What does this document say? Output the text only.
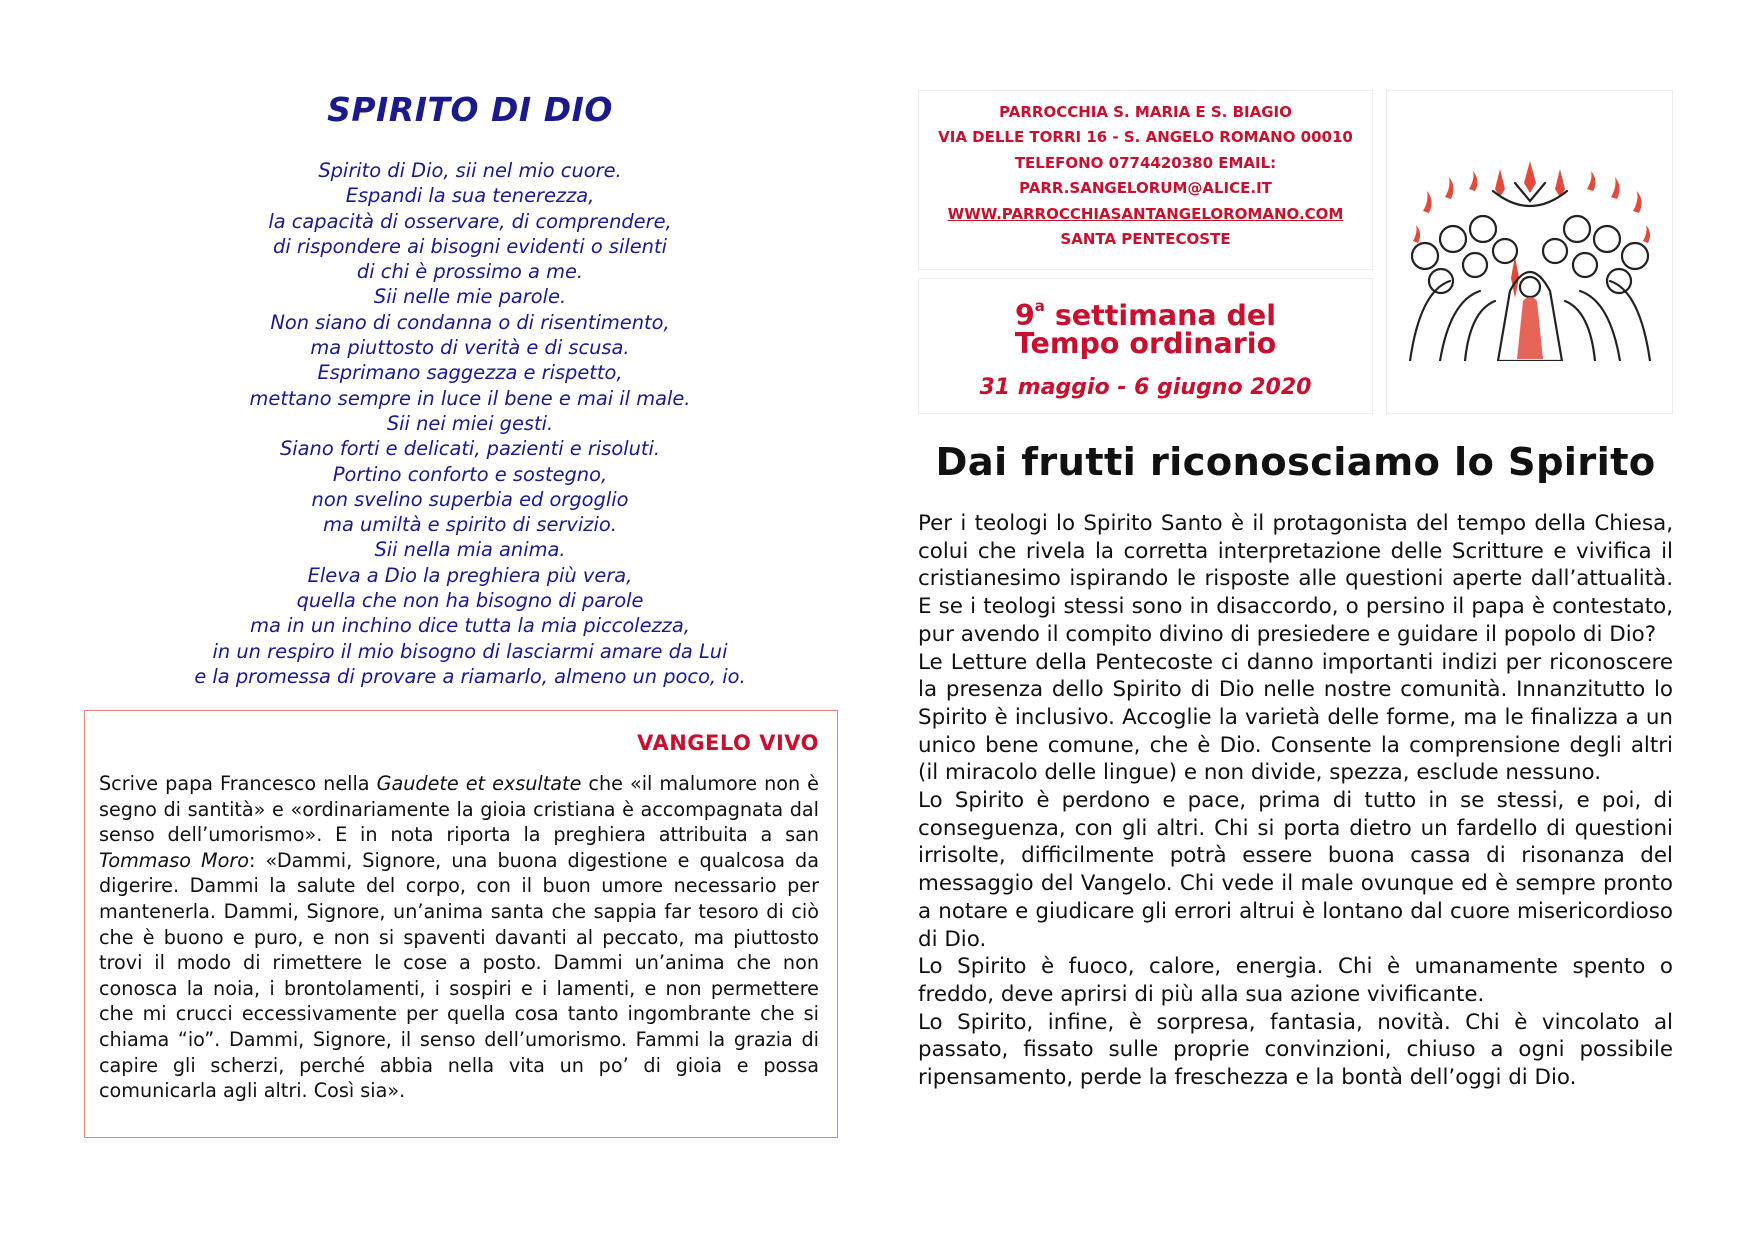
SPIRITO DI DIO
Spirito di Dio, sii nel mio cuore.
Espandi la sua tenerezza,
la capacità di osservare, di comprendere,
di rispondere ai bisogni evidenti o silenti
di chi è prossimo a me.
Sii nelle mie parole.
Non siano di condanna o di risentimento,
ma piuttosto di verità e di scusa.
Esprimano saggezza e rispetto,
mettano sempre in luce il bene e mai il male.
Sii nei miei gesti.
Siano forti e delicati, pazienti e risoluti.
Portino conforto e sostegno,
non svelino superbia ed orgoglio
ma umiltà e spirito di servizio.
Sii nella mia anima.
Eleva a Dio la preghiera più vera,
quella che non ha bisogno di parole
ma in un inchino dice tutta la mia piccolezza,
in un respiro il mio bisogno di lasciarmi amare da Lui
e la promessa di provare a riamarlo, almeno un poco, io.
VANGELO VIVO
Scrive papa Francesco nella Gaudete et exsultate che «il malumore non è segno di santità» e «ordinariamente la gioia cristiana è accompagnata dal senso dell’umorismo». E in nota riporta la preghiera attribuita a san Tommaso Moro: «Dammi, Signore, una buona digestione e qualcosa da digerire. Dammi la salute del corpo, con il buon umore necessario per mantenerla. Dammi, Signore, un’anima santa che sappia far tesoro di ciò che è buono e puro, e non si spaventi davanti al peccato, ma piuttosto trovi il modo di rimettere le cose a posto. Dammi un’anima che non conosca la noia, i brontolamenti, i sospiri e i lamenti, e non permettere che mi crucci eccessivamente per quella cosa tanto ingombrante che si chiama “io”. Dammi, Signore, il senso dell’umorismo. Fammi la grazia di capire gli scherzi, perché abbia nella vita un po’ di gioia e possa comunicarla agli altri. Così sia».
PARROCCHIA S. MARIA E S. BIAGIO
VIA DELLE TORRI 16 - S. ANGELO ROMANO 00010
TELEFONO 0774420380 EMAIL:
PARR.SANGELORUM@ALICE.IT
WWW.PARROCCHIASANTANGELOROMANO.COM
SANTA PENTECOSTE
9$^a$ settimana del
Tempo ordinario
31 maggio - 6 giugno 2020
Dai frutti riconosciamo lo Spirito

Per i teologi lo Spirito Santo è il protagonista del tempo della Chiesa, colui che rivela la corretta interpretazione delle Scritture e vivifica il cristianesimo ispirando le risposte alle questioni aperte dall’attualità. E se i teologi stessi sono in disaccordo, o persino il papa è contestato, pur avendo il compito divino di presiedere e guidare il popolo di Dio?

Le Letture della Pentecoste ci danno importanti indizi per riconoscere la presenza dello Spirito di Dio nelle nostre comunità. Innanzitutto lo Spirito è inclusivo. Accoglie la varietà delle forme, ma le finalizza a un unico bene comune, che è Dio. Consente la comprensione degli altri (il miracolo delle lingue) e non divide, spezza, esclude nessuno.

Lo Spirito è perdono e pace, prima di tutto in se stessi, e poi, di conseguenza, con gli altri. Chi si porta dietro un fardello di questioni irrisolte, difficilmente potrà essere buona cassa di risonanza del messaggio del Vangelo. Chi vede il male ovunque ed è sempre pronto a notare e giudicare gli errori altrui è lontano dal cuore misericordioso di Dio.

Lo Spirito è fuoco, calore, energia. Chi è umanamente spento o freddo, deve aprirsi di più alla sua azione vivificante.

Lo Spirito, infine, è sorpresa, fantasia, novità. Chi è vincolato al passato, fissato sulle proprie convinzioni, chiuso a ogni possibile ripensamento, perde la freschezza e la bontà dell’oggi di Dio.
